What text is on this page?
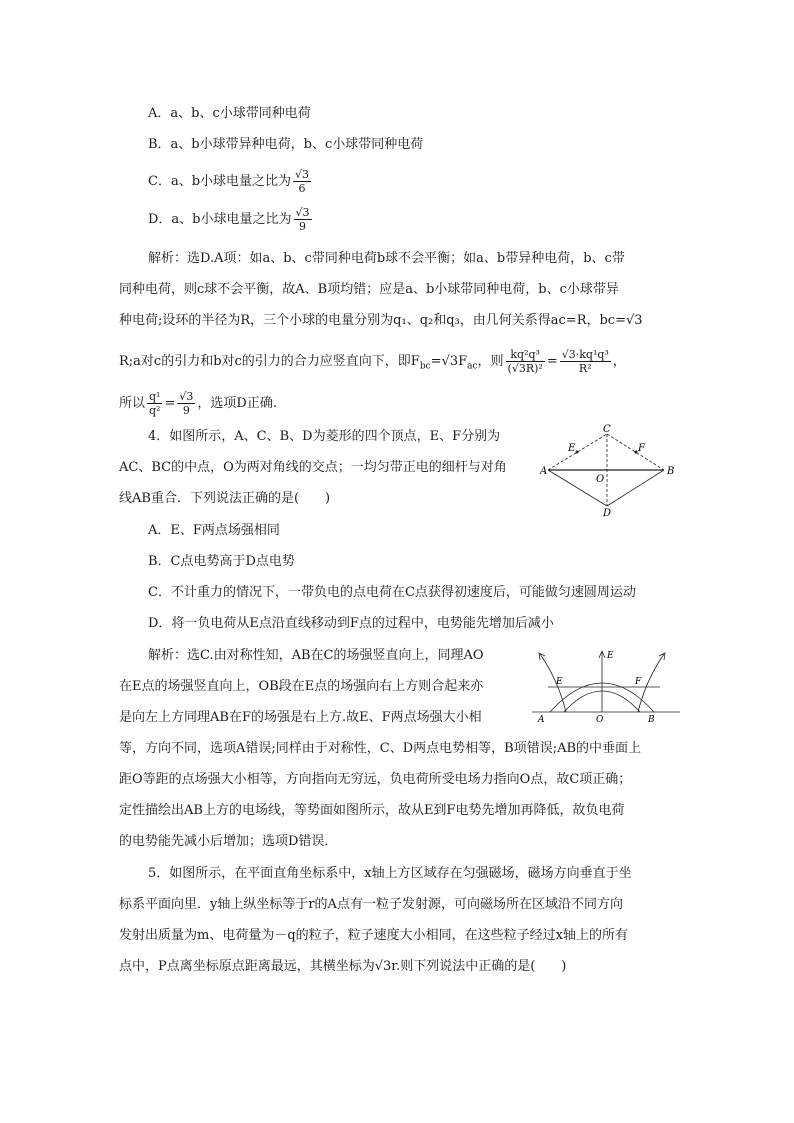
A．a、b、c小球带同种电荷
B．a、b小球带异种电荷，b、c小球带同种电荷
C．a、b小球电量之比为 $\frac{√3}{6}$
D．a、b小球电量之比为 $\frac{√3}{9}$
解析：选D.A项：如a、b、c带同种电荷b球不会平衡；如a、b带异种电荷，b、c带
同种电荷，则c球不会平衡，故A、B项均错；应是a、b小球带同种电荷，b、c小球带异
种电荷;设环的半径为R，三个小球的电量分别为q₁、q₂和q₃，由几何关系得ac=R，bc=√3
R;a对c的引力和b对c的引力的合力应竖直向下，即$F_{bc}=√3F_{ac}$，则 $\frac{\text{kq²q³}}{\text{(√3R)²}} = \frac{\text{√3·kq¹q³}}{\text{R²}}$ ，
所以 $\frac{\text{q¹}}{\text{q²}} = \frac{√3}{9}$ ，选项D正确.
4．如图所示，A、C、B、D为菱形的四个顶点，E、F分别为
AC、BC的中点，O为两对角线的交点；一均匀带正电的细杆与对角
线AB重合．下列说法正确的是(　　)
A	B
C
D
E	F
O
A．E、F两点场强相同
B．C点电势高于D点电势
C．不计重力的情况下，一带负电的点电荷在C点获得初速度后，可能做匀速圆周运动
D．将一负电荷从E点沿直线移动到F点的过程中，电势能先增加后减小
解析：选C.由对称性知，AB在C的场强竖直向上，同理AO
在E点的场强竖直向上，OB段在E点的场强向右上方则合起来亦
是向左上方同理AB在F的场强是右上方.故E、F两点场强大小相
等，方向不同，选项A错误;同样由于对称性，C、D两点电势相等，B项错误;AB的中垂面上
距O等距的点场强大小相等，方向指向无穷远，负电荷所受电场力指向O点，故C项正确；
定性描绘出AB上方的电场线，等势面如图所示，故从E到F电势先增加再降低，故负电荷
的电势能先减小后增加；选项D错误．
A	B
O
E
E	F
5．如图所示，在平面直角坐标系中，x轴上方区域存在匀强磁场，磁场方向垂直于坐
标系平面向里．y轴上纵坐标等于r的A点有一粒子发射源，可向磁场所在区域沿不同方向
发射出质量为m、电荷量为－q的粒子，粒子速度大小相同，在这些粒子经过x轴上的所有
点中，P点离坐标原点距离最远，其横坐标为√3r.则下列说法中正确的是(　　)
